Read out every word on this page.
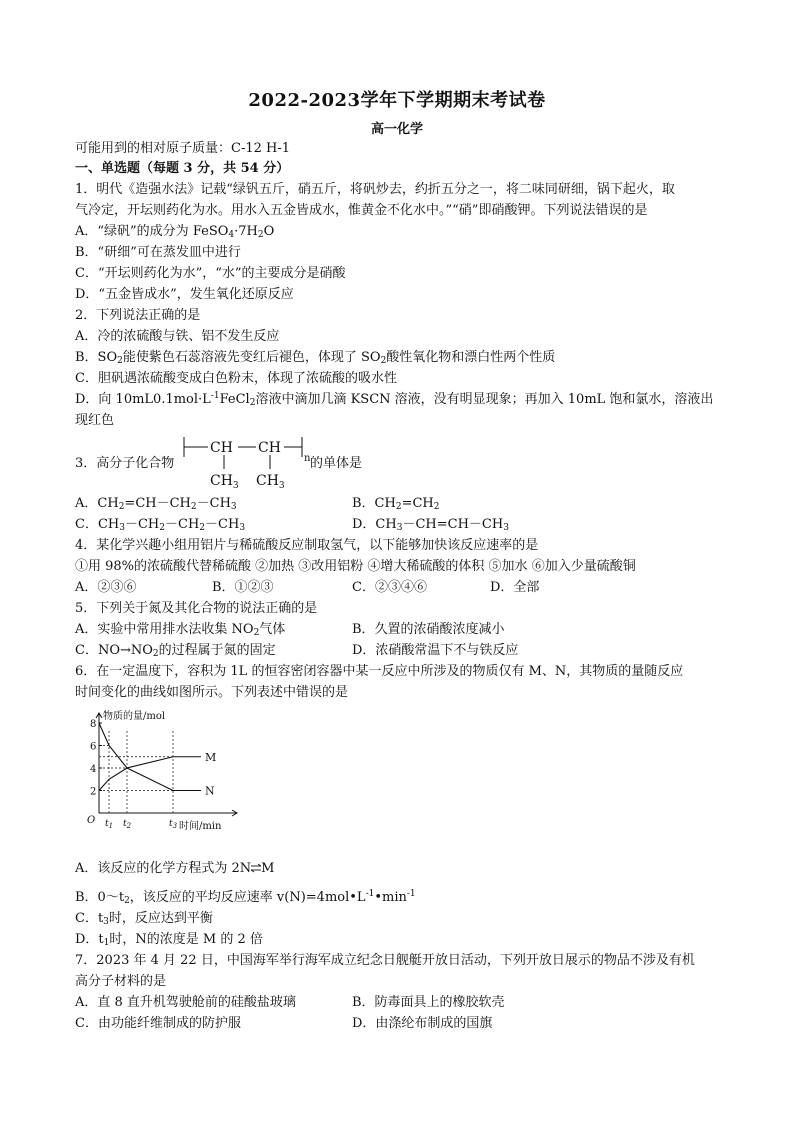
2022-2023学年下学期期末考试卷
高一化学
可能用到的相对原子质量：C-12 H-1
一、单选题（每题 3 分，共 54 分）
1．明代《造强水法》记载“绿钒五斤，硝五斤，将矾炒去，约折五分之一，将二味同研细，锅下起火，取
气冷定，开坛则药化为水。用水入五金皆成水，惟黄金不化水中。”“硝”即硝酸钾。下列说法错误的是
A．“绿矾”的成分为 $FeSO_4\cdot 7H_2O$
B．“研细”可在蒸发皿中进行
C．“开坛则药化为水”，“水”的主要成分是硝酸
D．“五金皆成水”，发生氧化还原反应
2．下列说法正确的是
A．冷的浓硫酸与铁、铝不发生反应
B．$SO_2$能使紫色石蕊溶液先变红后褪色，体现了 $SO_2$酸性氧化物和漂白性两个性质
C．胆矾遇浓硫酸变成白色粉末，体现了浓硫酸的吸水性
D．向 $10mL0.1mol\cdot L^{-1}FeCl_2$溶液中滴加几滴 KSCN 溶液，没有明显现象；再加入 10mL 饱和氯水，溶液出
现红色
3．高分子化合物
CH CH
$CH_3$ $CH_3$
n 的单体是
A．$CH_2=CH-CH_2-CH_3$	B．$CH_2=CH_2$
C．$CH_3-CH_2-CH_2-CH_3$	D．$CH_3-CH=CH-CH_3$
4．某化学兴趣小组用铝片与稀硫酸反应制取氢气，以下能够加快该反应速率的是
①用 98%的浓硫酸代替稀硫酸 ②加热 ③改用铝粉 ④增大稀硫酸的体积 ⑤加水 ⑥加入少量硫酸铜
A．②③⑥	B．①②③	C．②③④⑥	D．全部
5．下列关于氮及其化合物的说法正确的是
A．实验中常用排水法收集 $NO_2$气体	B．久置的浓硝酸浓度减小
C．$NO\to NO_2$的过程属于氮的固定	D．浓硝酸常温下不与铁反应
6．在一定温度下，容积为 1L 的恒容密闭容器中某一反应中所涉及的物质仅有 M、N，其物质的量随反应
时间变化的曲线如图所示。下列表述中错误的是
2
4
6
8
M
N
物质的量/mol
时间/min
O $t_1$ $t_2$	$t_3$
A．该反应的化学方程式为 2N⇌M
B．$0\sim t_2$，该反应的平均反应速率 $v(N)=4mol•L^{-1}•\min^{-1}$
C．$t_3$时，反应达到平衡
D．$t_1$时，N的浓度是 M 的 2 倍
7．2023 年 4 月 22 日，中国海军举行海军成立纪念日舰艇开放日活动，下列开放日展示的物品不涉及有机
高分子材料的是
A．直 8 直升机驾驶舱前的硅酸盐玻璃	B．防毒面具上的橡胶软壳
C．由功能纤维制成的防护服	D．由涤纶布制成的国旗
